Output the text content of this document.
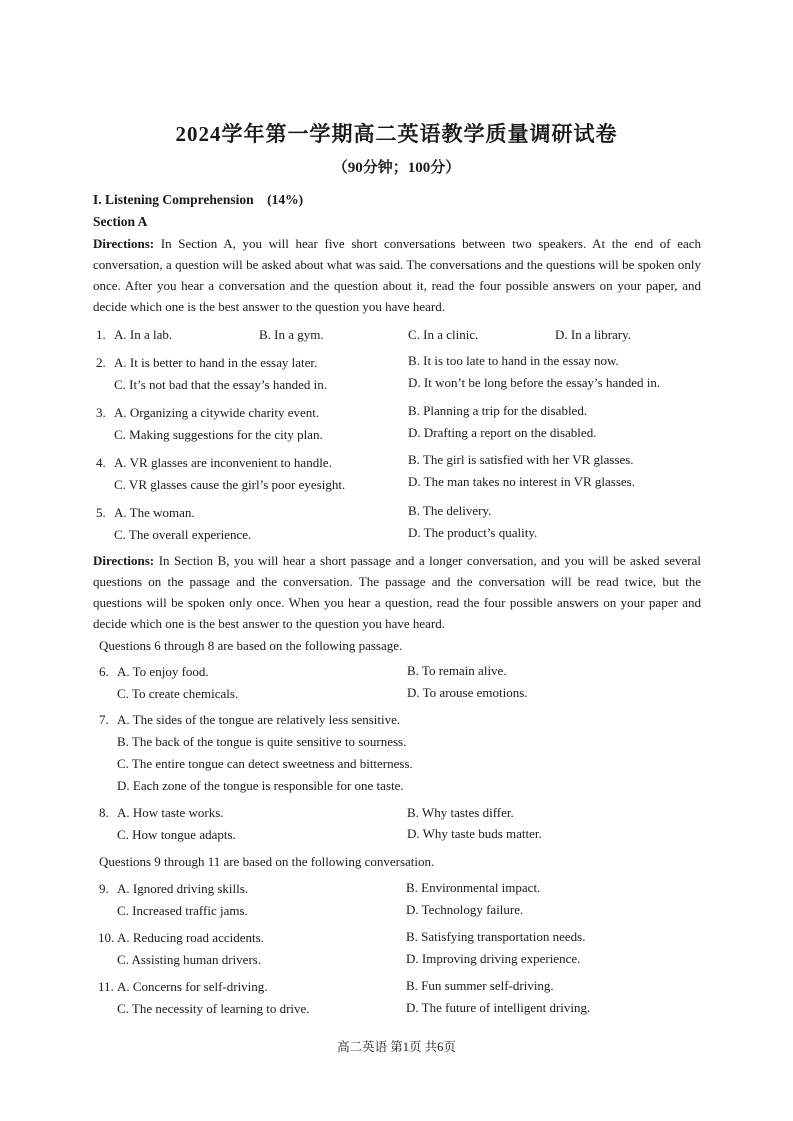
2024学年第一学期高二英语教学质量调研试卷
（90分钟；100分）
I. Listening Comprehension (14%)
Section A
Directions: In Section A, you will hear five short conversations between two speakers. At the end of each conversation, a question will be asked about what was said. The conversations and the questions will be spoken only once. After you hear a conversation and the question about it, read the four possible answers on your paper, and decide which one is the best answer to the question you have heard.
1. A. In a lab.	B. In a gym.	C. In a clinic.	D. In a library.
2. A. It is better to hand in the essay later.	B. It is too late to hand in the essay now.
C. It’s not bad that the essay’s handed in.	D. It won’t be long before the essay’s handed in.
3. A. Organizing a citywide charity event.	B. Planning a trip for the disabled.
C. Making suggestions for the city plan.	D. Drafting a report on the disabled.
4. A. VR glasses are inconvenient to handle.	B. The girl is satisfied with her VR glasses.
C. VR glasses cause the girl’s poor eyesight.	D. The man takes no interest in VR glasses.
5. A. The woman.	B. The delivery.
C. The overall experience.	D. The product’s quality.
Directions: In Section B, you will hear a short passage and a longer conversation, and you will be asked several questions on the passage and the conversation. The passage and the conversation will be read twice, but the questions will be spoken only once. When you hear a question, read the four possible answers on your paper and decide which one is the best answer to the question you have heard.
Questions 6 through 8 are based on the following passage.
6. A. To enjoy food.	B. To remain alive.
C. To create chemicals.	D. To arouse emotions.
7. A. The sides of the tongue are relatively less sensitive.
B. The back of the tongue is quite sensitive to sourness.
C. The entire tongue can detect sweetness and bitterness.
D. Each zone of the tongue is responsible for one taste.
8. A. How taste works.	B. Why tastes differ.
C. How tongue adapts.	D. Why taste buds matter.
Questions 9 through 11 are based on the following conversation.
9. A. Ignored driving skills.	B. Environmental impact.
C. Increased traffic jams.	D. Technology failure.
10. A. Reducing road accidents.	B. Satisfying transportation needs.
C. Assisting human drivers.	D. Improving driving experience.
11. A. Concerns for self-driving.	B. Fun summer self-driving.
C. The necessity of learning to drive.	D. The future of intelligent driving.
高二英语 第1页 共6页
